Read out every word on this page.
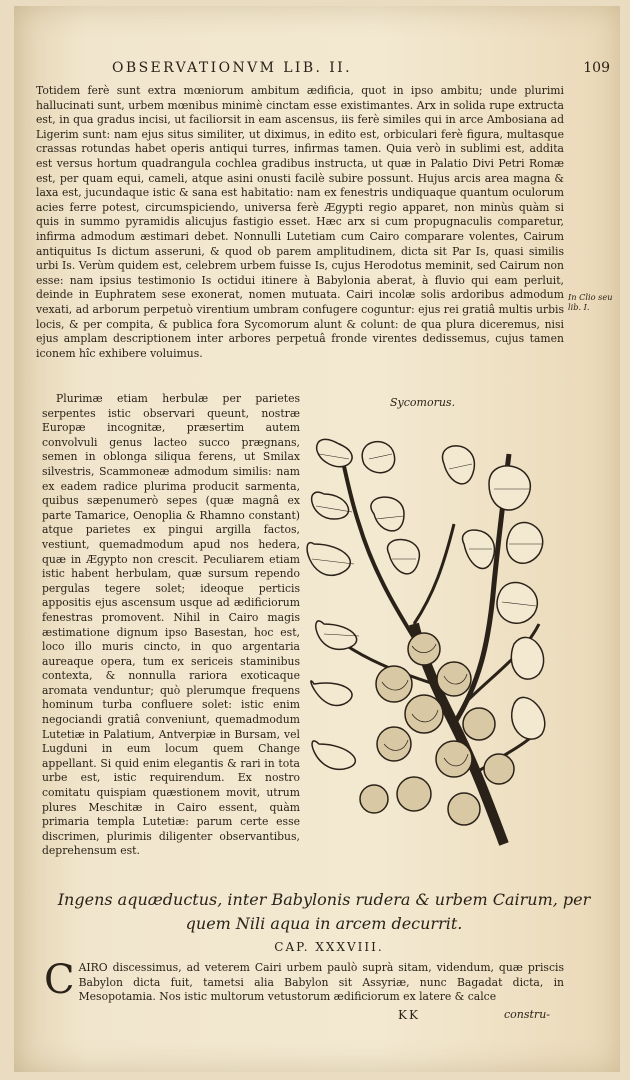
OBSERVATIONVM LIB. II.	109

Totidem ferè sunt extra mœniorum ambitum ædificia, quot in ipso ambitu; unde plurimi hallucinati sunt, urbem mœnibus minimè cinctam esse existimantes. Arx in solida rupe extructa est, in qua gradus incisi, ut faciliorsit in eam ascensus, iis ferè similes qui in arce Ambosiana ad Ligerim sunt: nam ejus situs similiter, ut diximus, in edito est, orbiculari ferè figura, multasque crassas rotundas habet operis antiqui turres, infirmas tamen. Quia verò in sublimi est, addita est versus hortum quadrangula cochlea gradibus instructa, ut quæ in Palatio Divi Petri Romæ est, per quam equi, cameli, atque asini onusti facilè subire possunt. Hujus arcis area magna & laxa est, jucundaque istic & sana est habitatio: nam ex fenestris undiquaque quantum oculorum acies ferre potest, circumspiciendo, universa ferè Ægypti regio apparet, non minùs quàm si quis in summo pyramidis alicujus fastigio esset. Hæc arx si cum propugnaculis comparetur, infirma admodum æstimari debet. Nonnulli Lutetiam cum Cairo comparare volentes, Cairum antiquitus Is dictum asseruni, & quod ob parem amplitudinem, dicta sit Par Is, quasi similis urbi Is. Verùm quidem est, celebrem urbem fuisse Is, cujus Herodotus meminit, sed Cairum non esse: nam ipsius testimonio Is octidui itinere à Babylonia aberat, à fluvio qui eam perluit, deinde in Euphratem sese exonerat, nomen mutuata. Cairi incolæ solis ardoribus admodum vexati, ad arborum perpetuò virentium umbram confugere coguntur: ejus rei gratiâ multis urbis locis, & per compita, & publica fora Sycomorum alunt & colunt: de qua plura diceremus, nisi ejus amplam descriptionem inter arbores perpetuâ fronde virentes dedissemus, cujus tamen iconem hîc exhibere voluimus.

In Clio seu lib. I.

Plurimæ etiam herbulæ per parietes serpentes istic observari queunt, nostræ Europæ incognitæ, præsertim autem convolvuli genus lacteo succo prægnans, semen in oblonga siliqua ferens, ut Smilax silvestris, Scammoneæ admodum similis: nam ex eadem radice plurima producit sarmenta, quibus sæpenumerò sepes (quæ magnâ ex parte Tamarice, Oenoplia & Rhamno constant) atque parietes ex pingui argilla factos, vestiunt, quemadmodum apud nos hedera, quæ in Ægypto non crescit. Peculiarem etiam istic habent herbulam, quæ sursum rependo pergulas tegere solet; ideoque perticis appositis ejus ascensum usque ad ædificiorum fenestras promovent. Nihil in Cairo magis æstimatione dignum ipso Basestan, hoc est, loco illo muris cincto, in quo argentaria aureaque opera, tum ex sericeis staminibus contexta, & nonnulla rariora exoticaque aromata venduntur; quò plerumque frequens hominum turba confluere solet: istic enim negociandi gratiâ conveniunt, quemadmodum Lutetiæ in Palatium, Antverpiæ in Bursam, vel Lugduni in eum locum quem Change appellant. Si quid enim elegantis & rari in tota urbe est, istic requirendum. Ex nostro comitatu quispiam quæstionem movit, utrum plures Meschitæ in Cairo essent, quàm primaria templa Lutetiæ: parum certe esse discrimen, plurimis diligenter observantibus, deprehensum est.

Sycomorus.
Ingens aquæductus, inter Babylonis rudera & urbem Cairum, per quem Nili aqua in arcem decurrit.
CAP. XXXVIII.
C AIRO discessimus, ad veterem Cairi urbem paulò suprà sitam, videndum, quæ priscis Babylon dicta fuit, tametsi alia Babylon sit Assyriæ, nunc Bagadat dicta, in Mesopotamia. Nos istic multorum vetustorum ædificiorum ex latere & calce
KK	constru-
